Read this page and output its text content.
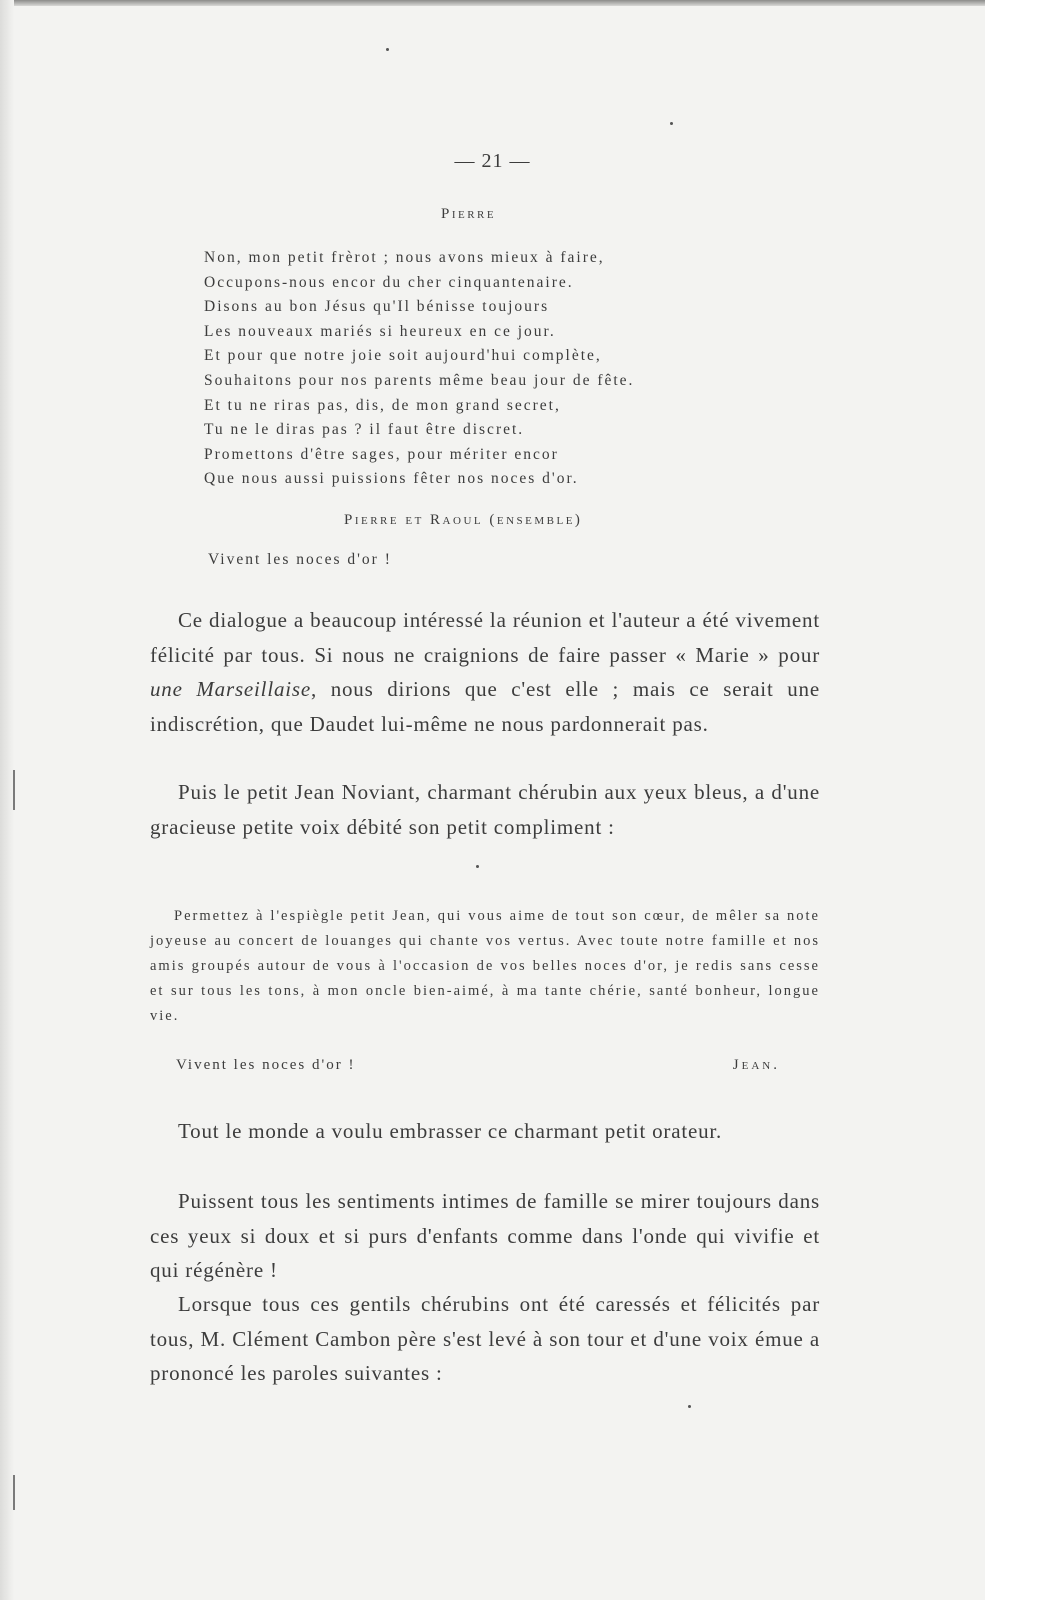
— 21 —
Pierre
Non, mon petit frèrot ; nous avons mieux à faire,
Occupons-nous encor du cher cinquantenaire.
Disons au bon Jésus qu'Il bénisse toujours
Les nouveaux mariés si heureux en ce jour.
Et pour que notre joie soit aujourd'hui complète,
Souhaitons pour nos parents même beau jour de fête.
Et tu ne riras pas, dis, de mon grand secret,
Tu ne le diras pas ? il faut être discret.
Promettons d'être sages, pour mériter encor
Que nous aussi puissions fêter nos noces d'or.
Pierre et Raoul (ensemble)
Vivent les noces d'or !

Ce dialogue a beaucoup intéressé la réunion et l'auteur a été vivement félicité par tous. Si nous ne craignions de faire passer « Marie » pour une Marseillaise, nous dirions que c'est elle ; mais ce serait une indiscrétion, que Daudet lui-même ne nous pardonnerait pas.

Puis le petit Jean Noviant, charmant chérubin aux yeux bleus, a d'une gracieuse petite voix débité son petit compliment :

Permettez à l'espiègle petit Jean, qui vous aime de tout son cœur, de mêler sa note joyeuse au concert de louanges qui chante vos vertus. Avec toute notre famille et nos amis groupés autour de vous à l'occasion de vos belles noces d'or, je redis sans cesse et sur tous les tons, à mon oncle bien-aimé, à ma tante chérie, santé bonheur, longue vie.

Vivent les noces d'or !	Jean.

Tout le monde a voulu embrasser ce charmant petit orateur.

Puissent tous les sentiments intimes de famille se mirer toujours dans ces yeux si doux et si purs d'enfants comme dans l'onde qui vivifie et qui régénère !

Lorsque tous ces gentils chérubins ont été caressés et félicités par tous, M. Clément Cambon père s'est levé à son tour et d'une voix émue a prononcé les paroles suivantes :
